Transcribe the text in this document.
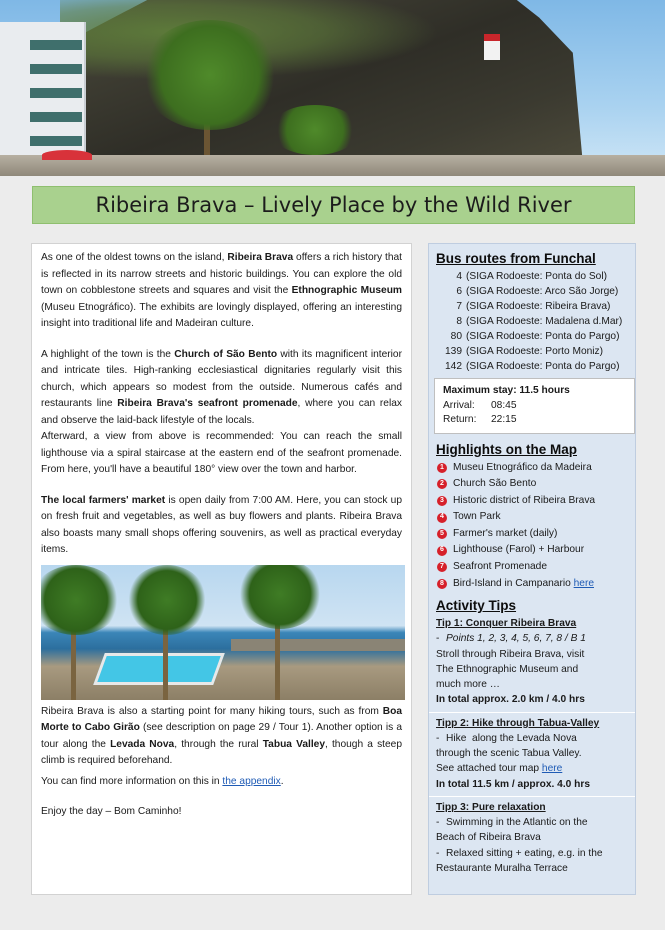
Ribeira Brava – Lively Place by the Wild River

As one of the oldest towns on the island, Ribeira Brava offers a rich history that is reflected in its narrow streets and historic buildings. You can explore the old town on cobblestone streets and squares and visit the Ethnographic Museum (Museu Etnográfico). The exhibits are lovingly displayed, offering an interesting insight into traditional life and Madeiran culture.

A highlight of the town is the Church of São Bento with its magnificent interior and intricate tiles. High-ranking ecclesiastical dignitaries regularly visit this church, which appears so modest from the outside. Numerous cafés and restaurants line Ribeira Brava's seafront promenade, where you can relax and observe the laid-back lifestyle of the locals.

Afterward, a view from above is recommended: You can reach the small lighthouse via a spiral staircase at the eastern end of the seafront promenade. From here, you'll have a beautiful 180° view over the town and harbor.

The local farmers' market is open daily from 7:00 AM. Here, you can stock up on fresh fruit and vegetables, as well as buy flowers and plants. Ribeira Brava also boasts many small shops offering souvenirs, as well as practical everyday items.

Ribeira Brava is also a starting point for many hiking tours, such as from Boa Morte to Cabo Girão (see description on page 29 / Tour 1). Another option is a tour along the Levada Nova, through the rural Tabua Valley, though a steep climb is required beforehand.

You can find more information on this in the appendix.

Enjoy the day – Bom Caminho!

Bus routes from Funchal
4 (SIGA Rodoeste: Ponta do Sol)
6 (SIGA Rodoeste: Arco São Jorge)
7 (SIGA Rodoeste: Ribeira Brava)
8 (SIGA Rodoeste: Madalena d.Mar)
80 (SIGA Rodoeste: Ponta do Pargo)
139 (SIGA Rodoeste: Porto Moniz)
142 (SIGA Rodoeste: Ponta do Pargo)
Maximum stay: 11.5 hours
Arrival:	08:45
Return:	22:15
Highlights on the Map
1 Museu Etnográfico da Madeira
2 Church São Bento
3 Historic district of Ribeira Brava
4 Town Park
5 Farmer's market (daily)
6 Lighthouse (Farol) + Harbour
7 Seafront Promenade
8 Bird-Island in Campanario here
Activity Tips
Tip 1: Conquer Ribeira Brava
- Points 1, 2, 3, 4, 5, 6, 7, 8 / B 1
Stroll through Ribeira Brava, visit
The Ethnographic Museum and
much more …
In total approx. 2.0 km / 4.0 hrs
Tipp 2: Hike through Tabua-Valley
- Hike  along the Levada Nova
through the scenic Tabua Valley.
See attached tour map here
In total 11.5 km / approx. 4.0 hrs
Tipp 3: Pure relaxation
- Swimming in the Atlantic on the
Beach of Ribeira Brava
- Relaxed sitting + eating, e.g. in the
Restaurante Muralha Terrace
